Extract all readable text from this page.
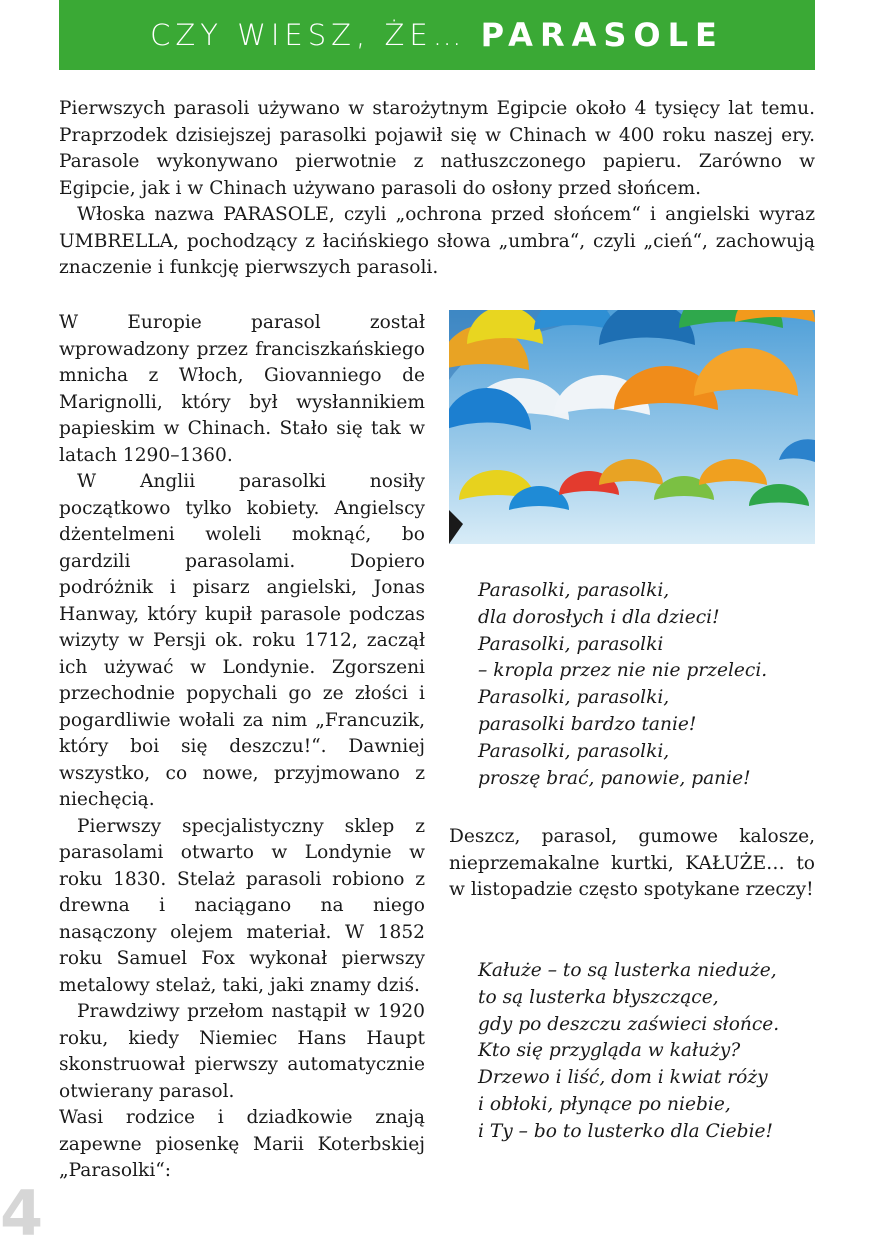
CZY WIESZ, ŻE… PARASOLE

Pierwszych parasoli używano w starożytnym Egipcie około 4 tysięcy lat temu. Praprzodek dzisiejszej parasolki pojawił się w Chinach w 400 roku naszej ery. Parasole wykonywano pierwotnie z natłuszczonego papieru. Zarówno w Egipcie, jak i w Chinach używano parasoli do osłony przed słońcem.

Włoska nazwa PARASOLE, czyli „ochrona przed słońcem“ i angielski wyraz UMBRELLA, pochodzący z łacińskiego słowa „umbra“, czyli „cień“, zachowują znaczenie i funkcję pierwszych parasoli.

W Europie parasol został wprowadzony przez franciszkańskiego mnicha z Włoch, Giovanniego de Marignolli, który był wysłannikiem papieskim w Chinach. Stało się tak w latach 1290–1360.

W Anglii parasolki nosiły początkowo tylko kobiety. Angielscy dżentelmeni woleli moknąć, bo gardzili parasolami. Dopiero podróżnik i pisarz angielski, Jonas Hanway, który kupił parasole podczas wizyty w Persji ok. roku 1712, zaczął ich używać w Londynie. Zgorszeni przechodnie popychali go ze złości i pogardliwie wołali za nim „Francuzik, który boi się deszczu!“. Dawniej wszystko, co nowe, przyjmowano z niechęcią.

Pierwszy specjalistyczny sklep z parasolami otwarto w Londynie w roku 1830. Stelaż parasoli robiono z drewna i naciągano na niego nasączony olejem materiał. W 1852 roku Samuel Fox wykonał pierwszy metalowy stelaż, taki, jaki znamy dziś.

Prawdziwy przełom nastąpił w 1920 roku, kiedy Niemiec Hans Haupt skonstruował pierwszy automatycznie otwierany parasol.

Wasi rodzice i dziadkowie znają zapewne piosenkę Marii Koterbskiej „Parasolki“:

Parasolki, parasolki,

dla dorosłych i dla dzieci!

Parasolki, parasolki

– kropla przez nie nie przeleci.

Parasolki, parasolki,

parasolki bardzo tanie!

Parasolki, parasolki,

proszę brać, panowie, panie!

Deszcz, parasol, gumowe kalosze, nieprzemakalne kurtki, KAŁUŻE… to w listopadzie często spotykane rzeczy!

Kałuże – to są lusterka nieduże,

to są lusterka błyszczące,

gdy po deszczu zaświeci słońce.

Kto się przygląda w kałuży?

Drzewo i liść, dom i kwiat róży

i obłoki, płynące po niebie,

i Ty – bo to lusterko dla Ciebie!

4
